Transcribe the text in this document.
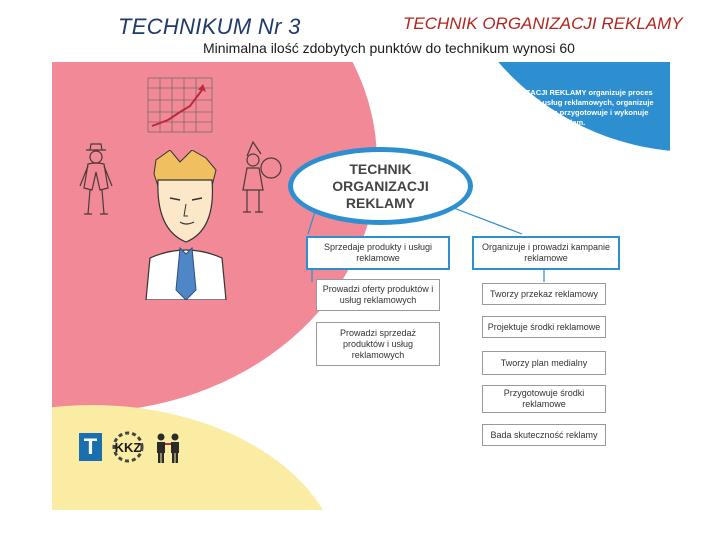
TECHNIKUM Nr 3	TECHNIK ORGANIZACJI REKLAMY
Minimalna ilość zdobytych punktów do technikum wynosi 60
TECHNIK ORGANIZACJI REKLAMY organizuje proces sprzedaży produktów i usług reklamowych, organizuje kampanię reklamową oraz przygotowuje i wykonuje projekty reklam.
TECHNIK
ORGANIZACJI
REKLAMY
Sprzedaje produkty i usługi reklamowe
Prowadzi oferty produktów i usług reklamowych
Prowadzi sprzedaż produktów i usług reklamowych
Organizuje i prowadzi kampanie reklamowe
Tworzy przekaz reklamowy
Projektuje środki reklamowe
Tworzy plan medialny
Przygotowuje środki reklamowe
Bada skuteczność reklamy
T	KKZ
